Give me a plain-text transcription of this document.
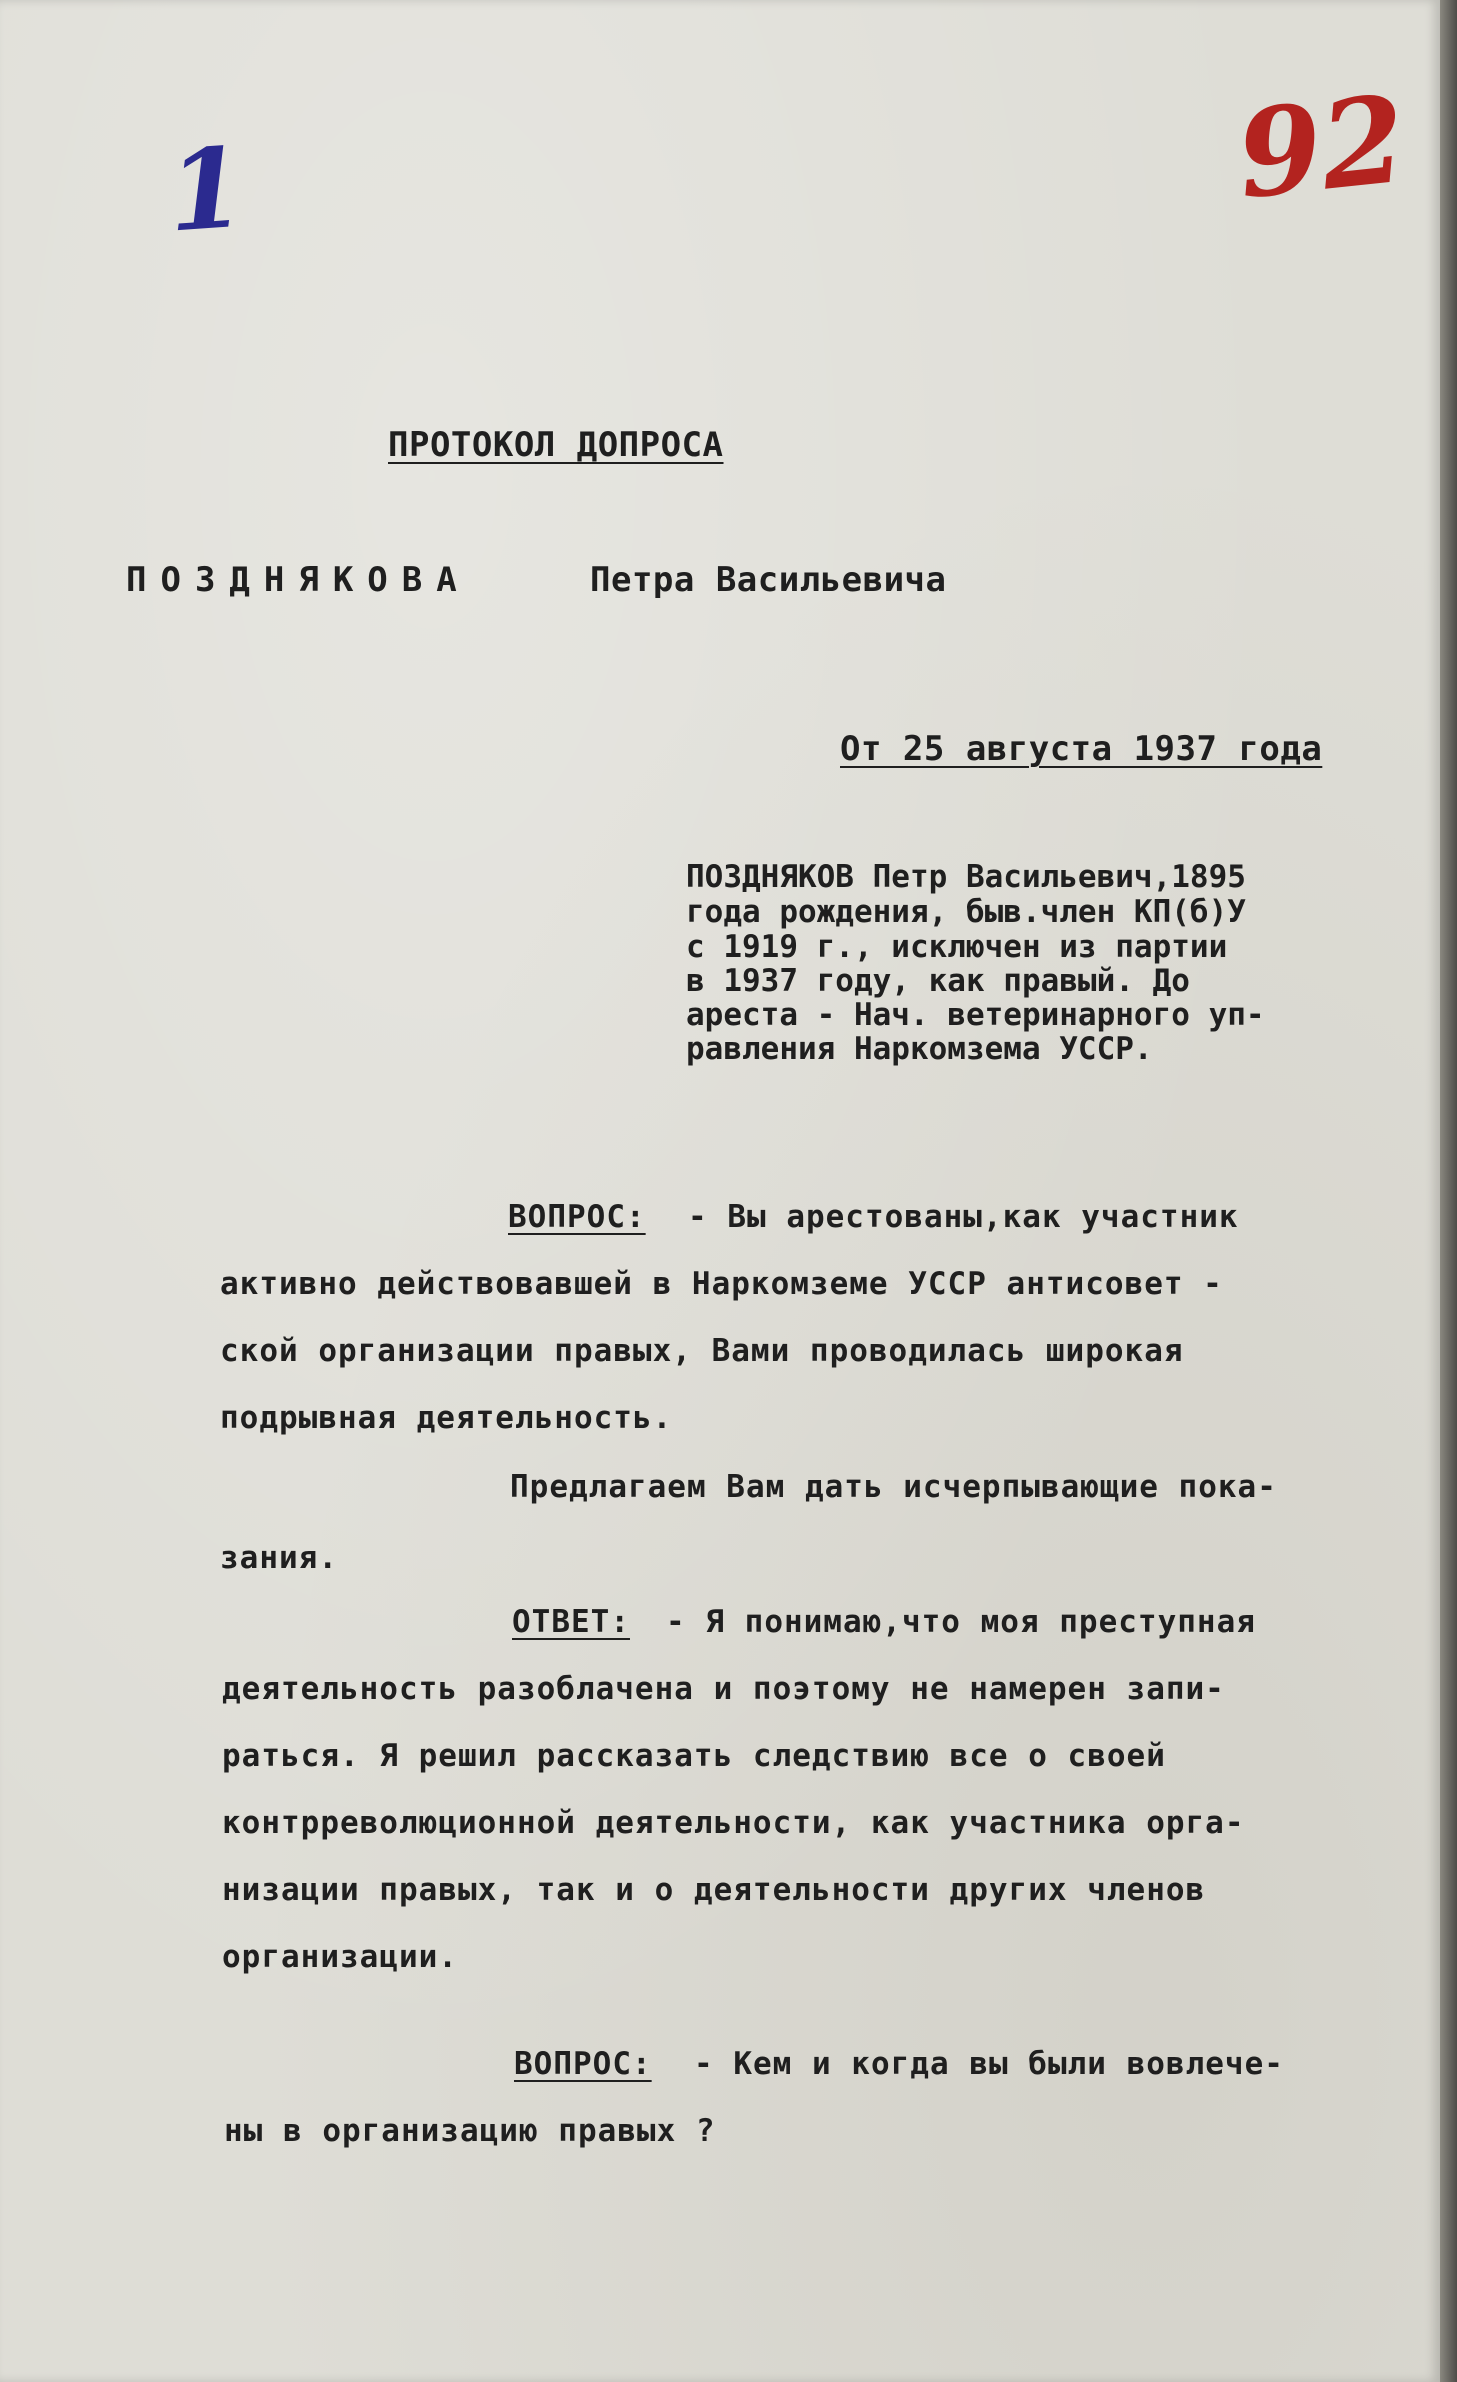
1	92
ПРОТОКОЛ ДОПРОСА
ПОЗДНЯКОВА	Петра Васильевича
От 25 августа 1937 года
ПОЗДНЯКОВ Петр Васильевич,1895
года рождения, быв.член КП(б)У
с 1919 г., исключен из партии
в 1937 году, как правый. До
ареста - Нач. ветеринарного уп-
равления Наркомзема УССР.
ВОПРОС: - Вы арестованы,как участник
активно действовавшей в Наркомземе УССР антисовет -
ской организации правых, Вами проводилась широкая
подрывная деятельность.
Предлагаем Вам дать исчерпывающие пока-
зания.
ОТВЕТ: - Я понимаю,что моя преступная
деятельность разоблачена и поэтому не намерен запи-
раться. Я решил рассказать следствию все о своей
контрреволюционной деятельности, как участника орга-
низации правых, так и о деятельности других членов
организации.
ВОПРОС: - Кем и когда вы были вовлече-
ны в организацию правых ?
